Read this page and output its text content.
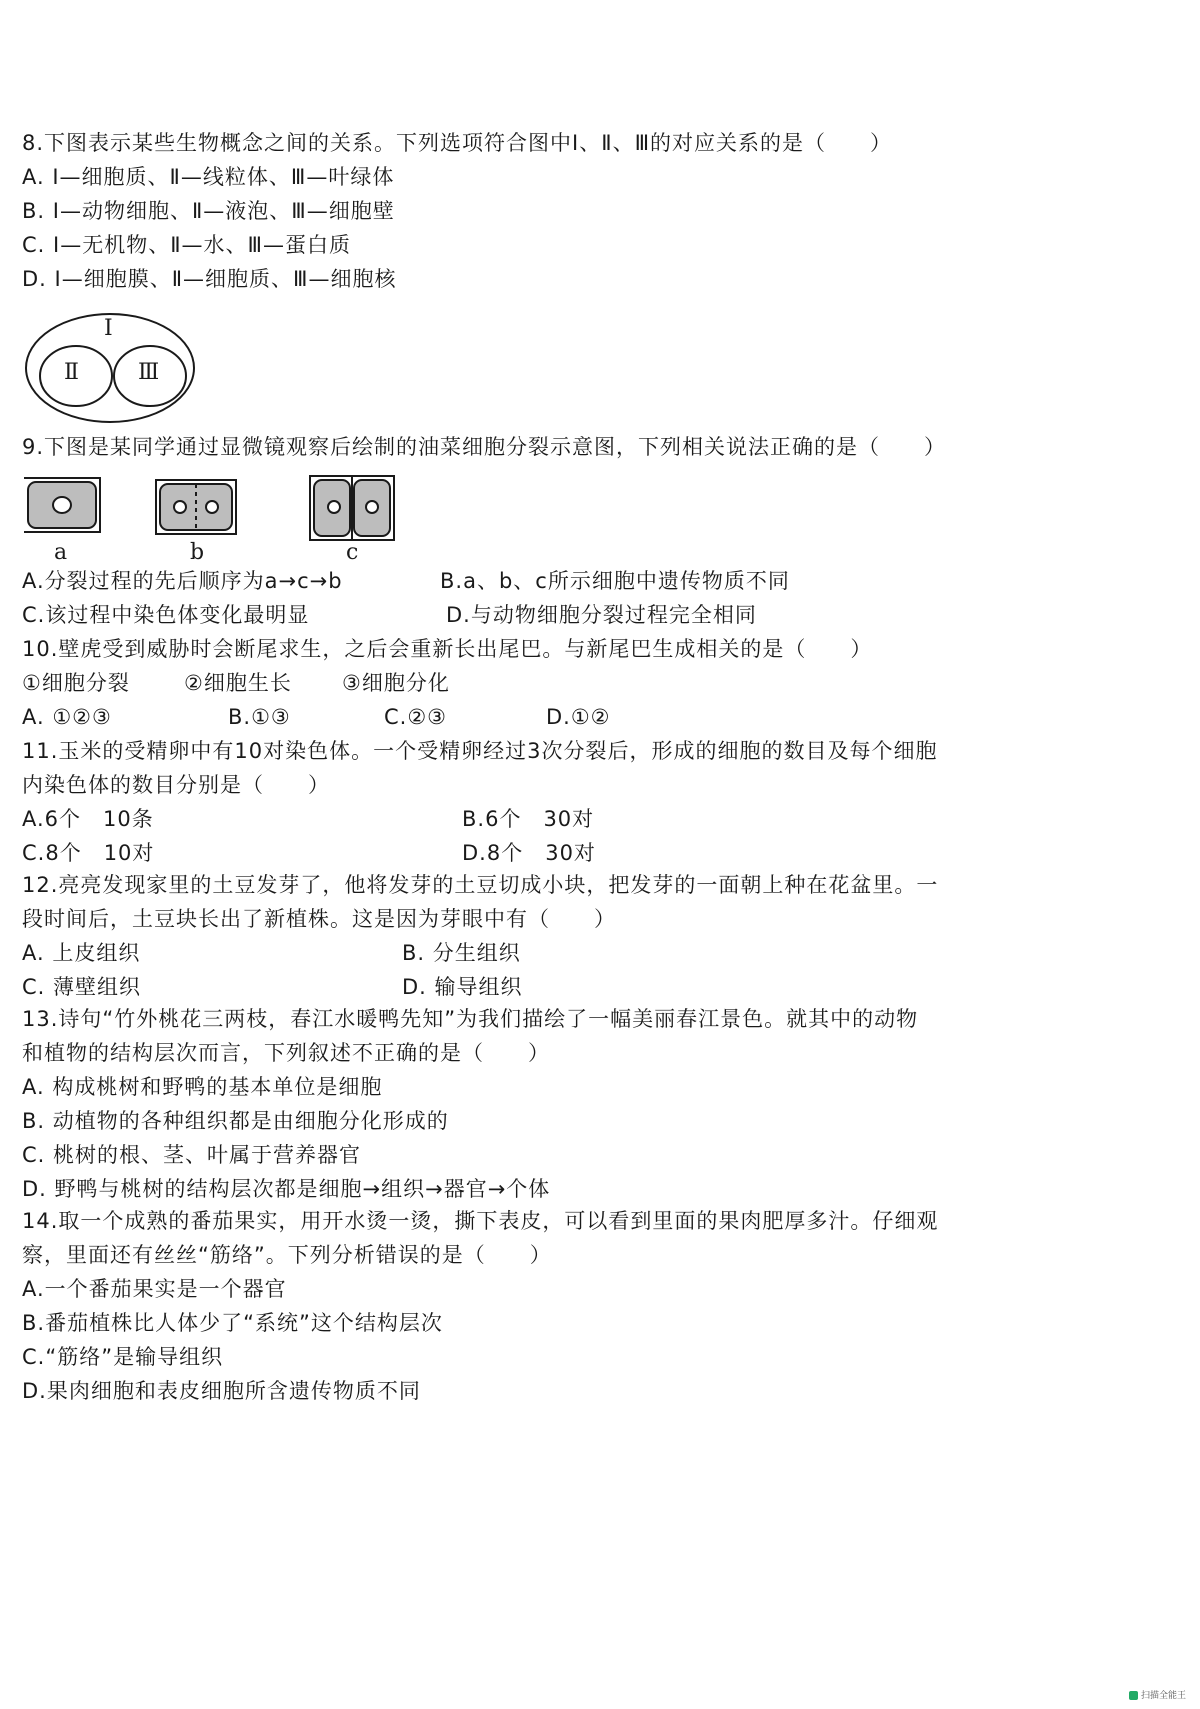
8.下图表示某些生物概念之间的关系。下列选项符合图中Ⅰ、Ⅱ、Ⅲ的对应关系的是（　　）
A. Ⅰ—细胞质、Ⅱ—线粒体、Ⅲ—叶绿体
B. Ⅰ—动物细胞、Ⅱ—液泡、Ⅲ—细胞壁
C. Ⅰ—无机物、Ⅱ—水、Ⅲ—蛋白质
D. Ⅰ—细胞膜、Ⅱ—细胞质、Ⅲ—细胞核
Ⅰ
Ⅱ	Ⅲ
9.下图是某同学通过显微镜观察后绘制的油菜细胞分裂示意图，下列相关说法正确的是（　　）
a	b	c
A.分裂过程的先后顺序为a→c→b	B.a、b、c所示细胞中遗传物质不同
C.该过程中染色体变化最明显	D.与动物细胞分裂过程完全相同
10.壁虎受到威胁时会断尾求生，之后会重新长出尾巴。与新尾巴生成相关的是（　　）
①细胞分裂	②细胞生长 ③细胞分化
A. ①②③	B.①③	C.②③	D.①②
11.玉米的受精卵中有10对染色体。一个受精卵经过3次分裂后，形成的细胞的数目及每个细胞
内染色体的数目分别是（　　）
A.6个　10条	B.6个　30对
C.8个　10对	D.8个　30对
12.亮亮发现家里的土豆发芽了，他将发芽的土豆切成小块，把发芽的一面朝上种在花盆里。一
段时间后，土豆块长出了新植株。这是因为芽眼中有（　　）
A. 上皮组织	B. 分生组织
C. 薄壁组织	D. 输导组织
13.诗句“竹外桃花三两枝，春江水暖鸭先知”为我们描绘了一幅美丽春江景色。就其中的动物
和植物的结构层次而言，下列叙述不正确的是（　　）
A. 构成桃树和野鸭的基本单位是细胞
B. 动植物的各种组织都是由细胞分化形成的
C. 桃树的根、茎、叶属于营养器官
D. 野鸭与桃树的结构层次都是细胞→组织→器官→个体
14.取一个成熟的番茄果实，用开水烫一烫，撕下表皮，可以看到里面的果肉肥厚多汁。仔细观
察，里面还有丝丝“筋络”。下列分析错误的是（　　）
A.一个番茄果实是一个器官
B.番茄植株比人体少了“系统”这个结构层次
C.“筋络”是输导组织
D.果肉细胞和表皮细胞所含遗传物质不同
扫描全能王
